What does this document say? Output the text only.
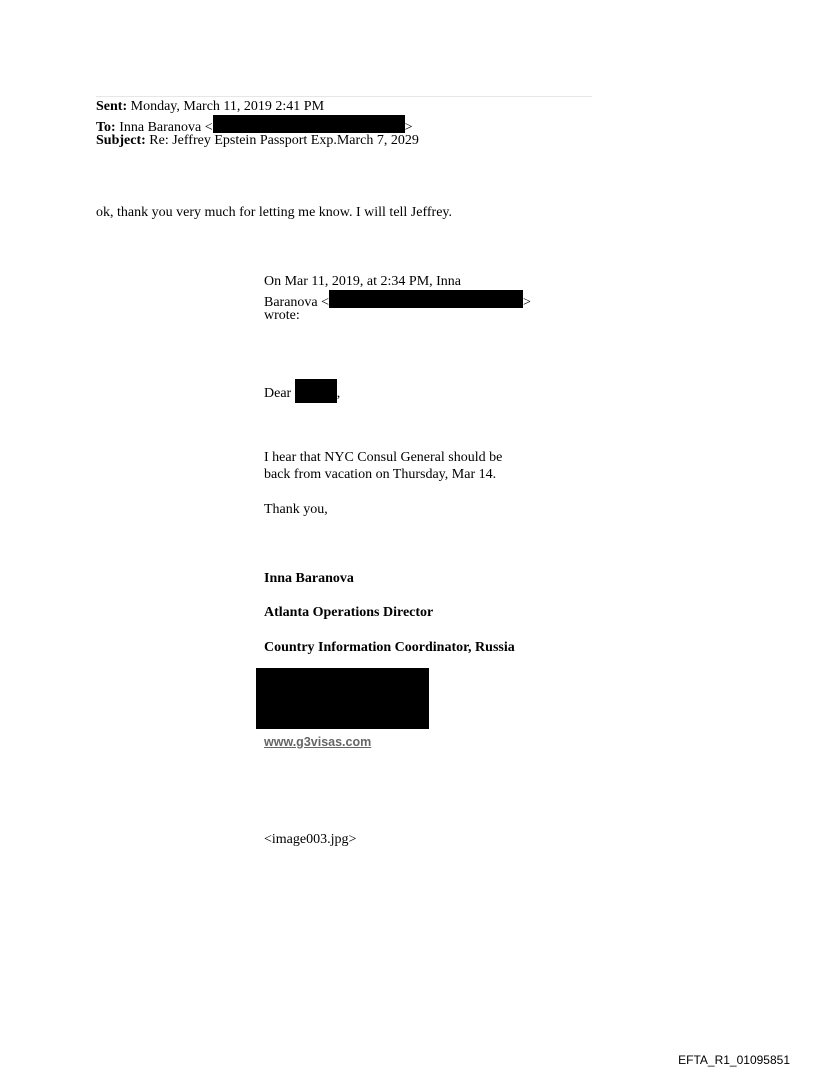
Sent: Monday, March 11, 2019 2:41 PM
To: Inna Baranova <	>
Subject: Re: Jeffrey Epstein Passport Exp.March 7, 2029
ok, thank you very much for letting me know. I will tell Jeffrey.
On Mar 11, 2019, at 2:34 PM, Inna
Baranova <	>
wrote:
Dear	,
I hear that NYC Consul General should be
back from vacation on Thursday, Mar 14.
Thank you,
Inna Baranova
Atlanta Operations Director
Country Information Coordinator, Russia
www.g3visas.com
<image003.jpg>
EFTA_R1_01095851
